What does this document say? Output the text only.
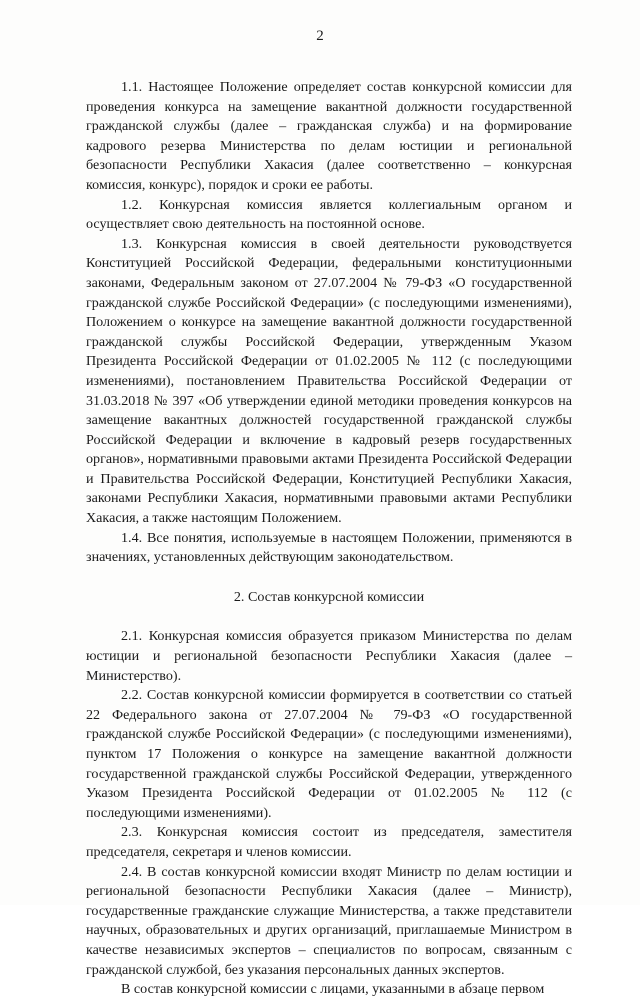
2

1.1. Настоящее Положение определяет состав конкурсной комиссии для проведения конкурса на замещение вакантной должности государственной гражданской службы (далее – гражданская служба) и на формирование кадрового резерва Министерства по делам юстиции и региональной безопасности Республики Хакасия (далее соответственно – конкурсная комиссия, конкурс), порядок и сроки ее работы.

1.2. Конкурсная комиссия является коллегиальным органом и осуществляет свою деятельность на постоянной основе.

1.3. Конкурсная комиссия в своей деятельности руководствуется Конституцией Российской Федерации, федеральными конституционными законами, Федеральным законом от 27.07.2004 № 79-ФЗ «О государственной гражданской службе Российской Федерации» (с последующими изменениями), Положением о конкурсе на замещение вакантной должности государственной гражданской службы Российской Федерации, утвержденным Указом Президента Российской Федерации от 01.02.2005 № 112 (с последующими изменениями), постановлением Правительства Российской Федерации от 31.03.2018 № 397 «Об утверждении единой методики проведения конкурсов на замещение вакантных должностей государственной гражданской службы Российской Федерации и включение в кадровый резерв государственных органов», нормативными правовыми актами Президента Российской Федерации и Правительства Российской Федерации, Конституцией Республики Хакасия, законами Республики Хакасия, нормативными правовыми актами Республики Хакасия, а также настоящим Положением.

1.4. Все понятия, используемые в настоящем Положении, применяются в значениях, установленных действующим законодательством.

2. Состав конкурсной комиссии

2.1. Конкурсная комиссия образуется приказом Министерства по делам юстиции и региональной безопасности Республики Хакасия (далее – Министерство).

2.2. Состав конкурсной комиссии формируется в соответствии со статьей 22 Федерального закона от 27.07.2004 № 79-ФЗ «О государственной гражданской службе Российской Федерации» (с последующими изменениями), пунктом 17 Положения о конкурсе на замещение вакантной должности государственной гражданской службы Российской Федерации, утвержденного Указом Президента Российской Федерации от 01.02.2005 № 112 (с последующими изменениями).

2.3. Конкурсная комиссия состоит из председателя, заместителя председателя, секретаря и членов комиссии.

2.4. В состав конкурсной комиссии входят Министр по делам юстиции и региональной безопасности Республики Хакасия (далее – Министр), государственные гражданские служащие Министерства, а также представители научных, образовательных и других организаций, приглашаемые Министром в качестве независимых экспертов – специалистов по вопросам, связанным с гражданской службой, без указания персональных данных экспертов.

В состав конкурсной комиссии с лицами, указанными в абзаце первом
